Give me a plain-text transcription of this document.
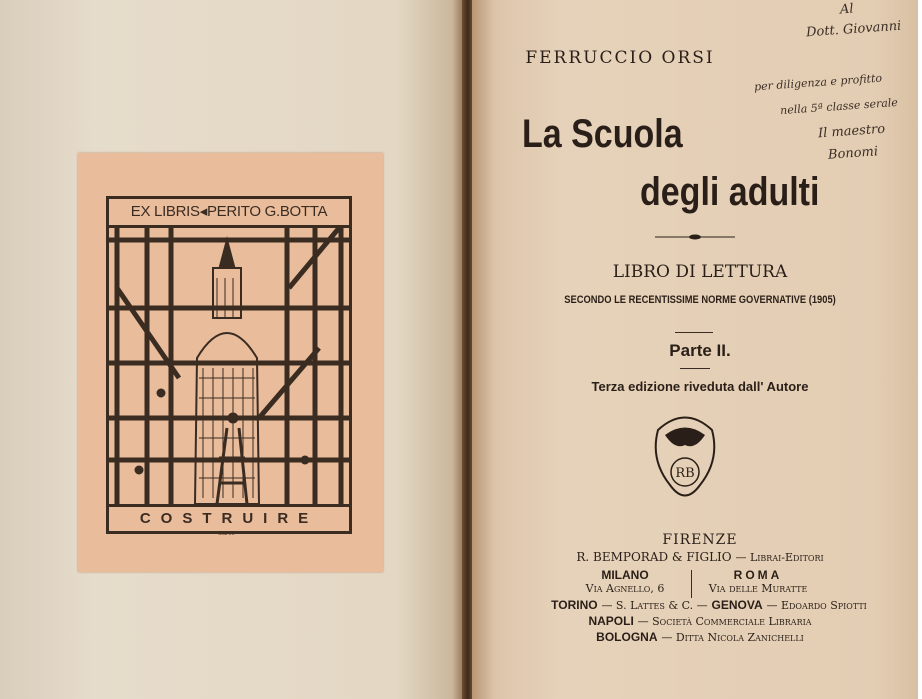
EX LIBRIS◂PERITO G.BOTTA
COSTRUIRE
CISARI
FERRUCCIO ORSI
La Scuola
degli adulti
LIBRO DI LETTURA
SECONDO LE RECENTISSIME NORME GOVERNATIVE (1905)
Parte II.
Terza edizione riveduta dall' Autore
RB
FIRENZE
R. BEMPORAD & FIGLIO — Librai-Editori
MILANO
Via Agnello, 6
ROMA
Via delle Muratte
TORINO — S. Lattes & C. — GENOVA — Edoardo Spiotti
NAPOLI — Società Commerciale Libraria
BOLOGNA — Ditta Nicola Zanichelli
Al
Dott. Giovanni
per diligenza e profitto
nella 5ª classe serale
Il maestro
Bonomi
